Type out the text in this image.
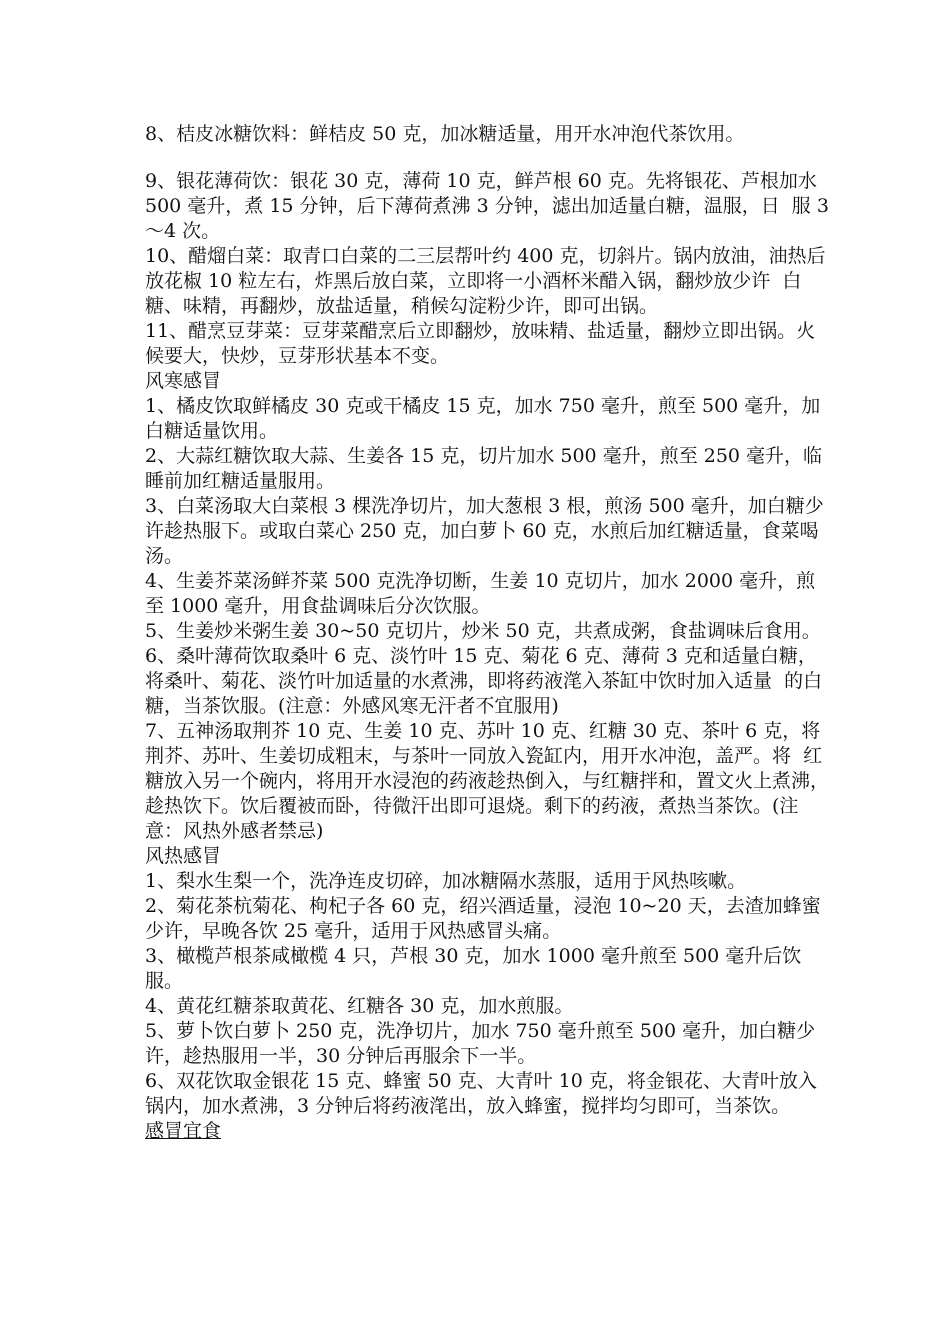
8、桔皮冰糖饮料：鲜桔皮 50 克，加冰糖适量，用开水冲泡代茶饮用。

9、银花薄荷饮：银花 30 克，薄荷 10 克，鲜芦根 60 克。先将银花、芦根加水 500 毫升，煮 15 分钟，后下薄荷煮沸 3 分钟，滤出加适量白糖，温服，日  服 3～4 次。

10、醋熘白菜：取青口白菜的二三层帮叶约 400 克，切斜片。锅内放油，油热后放花椒 10 粒左右，炸黑后放白菜，立即将一小酒杯米醋入锅，翻炒放少许  白糖、味精，再翻炒，放盐适量，稍候勾淀粉少许，即可出锅。

11、醋烹豆芽菜：豆芽菜醋烹后立即翻炒，放味精、盐适量，翻炒立即出锅。火候要大，快炒，豆芽形状基本不变。

风寒感冒

1、橘皮饮取鲜橘皮 30 克或干橘皮 15 克，加水 750 毫升，煎至 500 毫升，加白糖适量饮用。

2、大蒜红糖饮取大蒜、生姜各 15 克，切片加水 500 毫升，煎至 250 毫升，临睡前加红糖适量服用。

3、白菜汤取大白菜根 3 棵洗净切片，加大葱根 3 根，煎汤 500 毫升，加白糖少许趁热服下。或取白菜心 250 克，加白萝卜 60 克，水煎后加红糖适量，食菜喝汤。

4、生姜芥菜汤鲜芥菜 500 克洗净切断，生姜 10 克切片，加水 2000 毫升，煎至 1000 毫升，用食盐调味后分次饮服。

5、生姜炒米粥生姜 30~50 克切片，炒米 50 克，共煮成粥，食盐调味后食用。

6、桑叶薄荷饮取桑叶 6 克、淡竹叶 15 克、菊花 6 克、薄荷 3 克和适量白糖，将桑叶、菊花、淡竹叶加适量的水煮沸，即将药液滗入茶缸中饮时加入适量  的白糖，当茶饮服。(注意：外感风寒无汗者不宜服用)

7、五神汤取荆芥 10 克、生姜 10 克、苏叶 10 克、红糖 30 克、茶叶 6 克，将荆芥、苏叶、生姜切成粗末，与茶叶一同放入瓷缸内，用开水冲泡，盖严。将  红糖放入另一个碗内，将用开水浸泡的药液趁热倒入，与红糖拌和，置文火上煮沸，趁热饮下。饮后覆被而卧，待微汗出即可退烧。剩下的药液，煮热当茶饮。(注意：风热外感者禁忌)

风热感冒

1、梨水生梨一个，洗净连皮切碎，加冰糖隔水蒸服，适用于风热咳嗽。

2、菊花茶杭菊花、枸杞子各 60 克，绍兴酒适量，浸泡 10~20 天，去渣加蜂蜜少许，早晚各饮 25 毫升，适用于风热感冒头痛。

3、橄榄芦根茶咸橄榄 4 只，芦根 30 克，加水 1000 毫升煎至 500 毫升后饮服。

4、黄花红糖茶取黄花、红糖各 30 克，加水煎服。

5、萝卜饮白萝卜 250 克，洗净切片，加水 750 毫升煎至 500 毫升，加白糖少许，趁热服用一半，30 分钟后再服余下一半。

6、双花饮取金银花 15 克、蜂蜜 50 克、大青叶 10 克，将金银花、大青叶放入锅内，加水煮沸，3 分钟后将药液滗出，放入蜂蜜，搅拌均匀即可，当茶饮。

感冒宜食
